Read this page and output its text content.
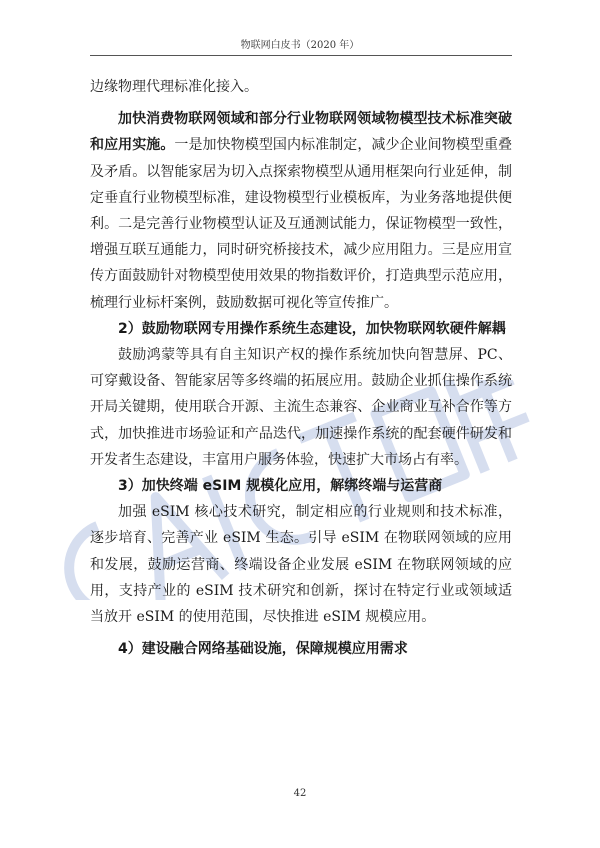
物联网白皮书（2020 年）

边缘物理代理标准化接入。

加快消费物联网领域和部分行业物联网领域物模型技术标准突破和应用实施。一是加快物模型国内标准制定，减少企业间物模型重叠及矛盾。以智能家居为切入点探索物模型从通用框架向行业延伸，制定垂直行业物模型标准，建设物模型行业模板库，为业务落地提供便利。二是完善行业物模型认证及互通测试能力，保证物模型一致性，增强互联互通能力，同时研究桥接技术，减少应用阻力。三是应用宣传方面鼓励针对物模型使用效果的物指数评价，打造典型示范应用，梳理行业标杆案例，鼓励数据可视化等宣传推广。

2）鼓励物联网专用操作系统生态建设，加快物联网软硬件解耦

鼓励鸿蒙等具有自主知识产权的操作系统加快向智慧屏、PC、可穿戴设备、智能家居等多终端的拓展应用。鼓励企业抓住操作系统开局关键期，使用联合开源、主流生态兼容、企业商业互补合作等方式，加快推进市场验证和产品迭代，加速操作系统的配套硬件研发和开发者生态建设，丰富用户服务体验，快速扩大市场占有率。

3）加快终端 eSIM 规模化应用，解绑终端与运营商

加强 eSIM 核心技术研究，制定相应的行业规则和技术标准，逐步培育、完善产业 eSIM 生态。引导 eSIM 在物联网领域的应用和发展，鼓励运营商、终端设备企业发展 eSIM 在物联网领域的应用，支持产业的 eSIM 技术研究和创新，探讨在特定行业或领域适当放开 eSIM 的使用范围，尽快推进 eSIM 规模应用。

4）建设融合网络基础设施，保障规模应用需求

42
